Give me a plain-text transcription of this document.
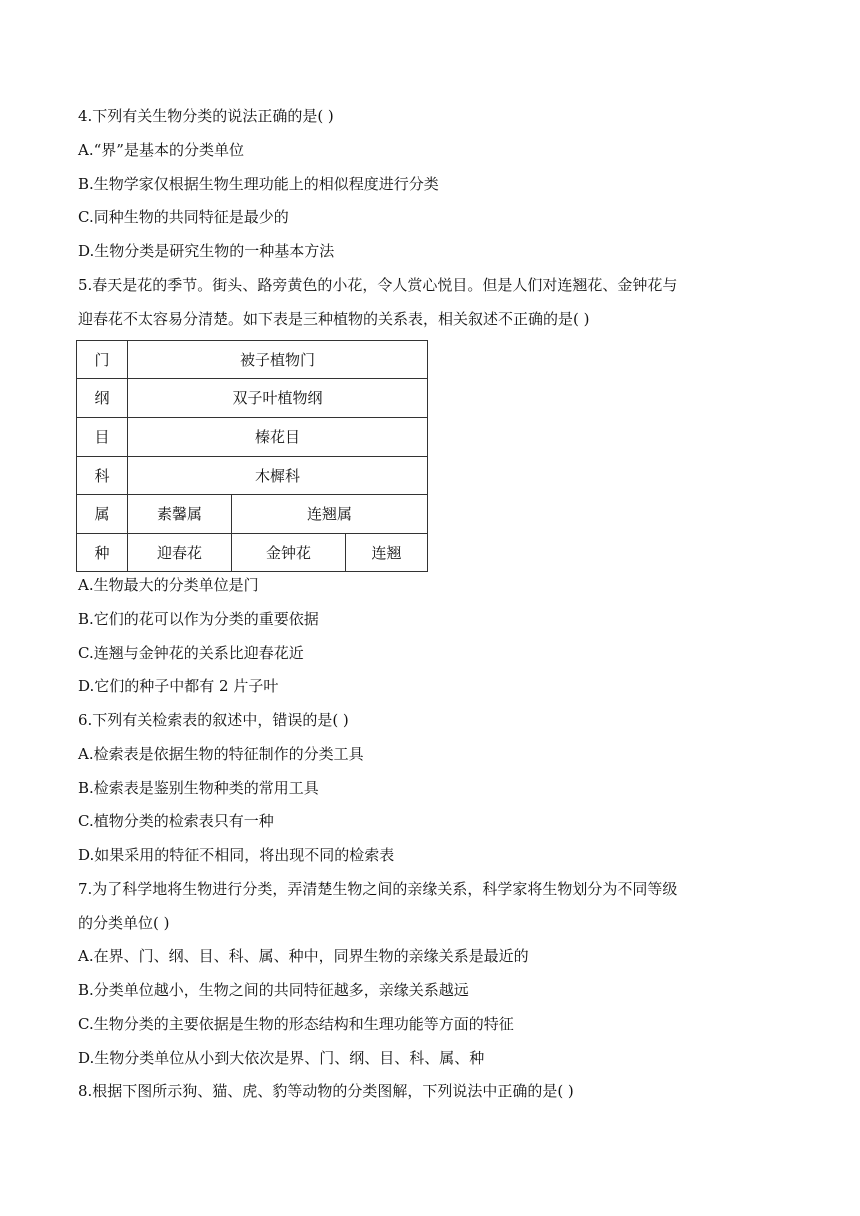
4.下列有关生物分类的说法正确的是( )
A.“界”是基本的分类单位
B.生物学家仅根据生物生理功能上的相似程度进行分类
C.同种生物的共同特征是最少的
D.生物分类是研究生物的一种基本方法
5.春天是花的季节。街头、路旁黄色的小花，令人赏心悦目。但是人们对连翘花、金钟花与
迎春花不太容易分清楚。如下表是三种植物的关系表，相关叙述不正确的是( )
门	被子植物门		
纲	双子叶植物纲		
目	榛花目		
科	木樨科		
属	素馨属	连翘属	
种	迎春花	金钟花	连翘
A.生物最大的分类单位是门
B.它们的花可以作为分类的重要依据
C.连翘与金钟花的关系比迎春花近
D.它们的种子中都有 2 片子叶
6.下列有关检索表的叙述中，错误的是( )
A.检索表是依据生物的特征制作的分类工具
B.检索表是鉴别生物种类的常用工具
C.植物分类的检索表只有一种
D.如果采用的特征不相同，将出现不同的检索表
7.为了科学地将生物进行分类，弄清楚生物之间的亲缘关系，科学家将生物划分为不同等级
的分类单位( )
A.在界、门、纲、目、科、属、种中，同界生物的亲缘关系是最近的
B.分类单位越小，生物之间的共同特征越多，亲缘关系越远
C.生物分类的主要依据是生物的形态结构和生理功能等方面的特征
D.生物分类单位从小到大依次是界、门、纲、目、科、属、种
8.根据下图所示狗、猫、虎、豹等动物的分类图解，下列说法中正确的是( )
